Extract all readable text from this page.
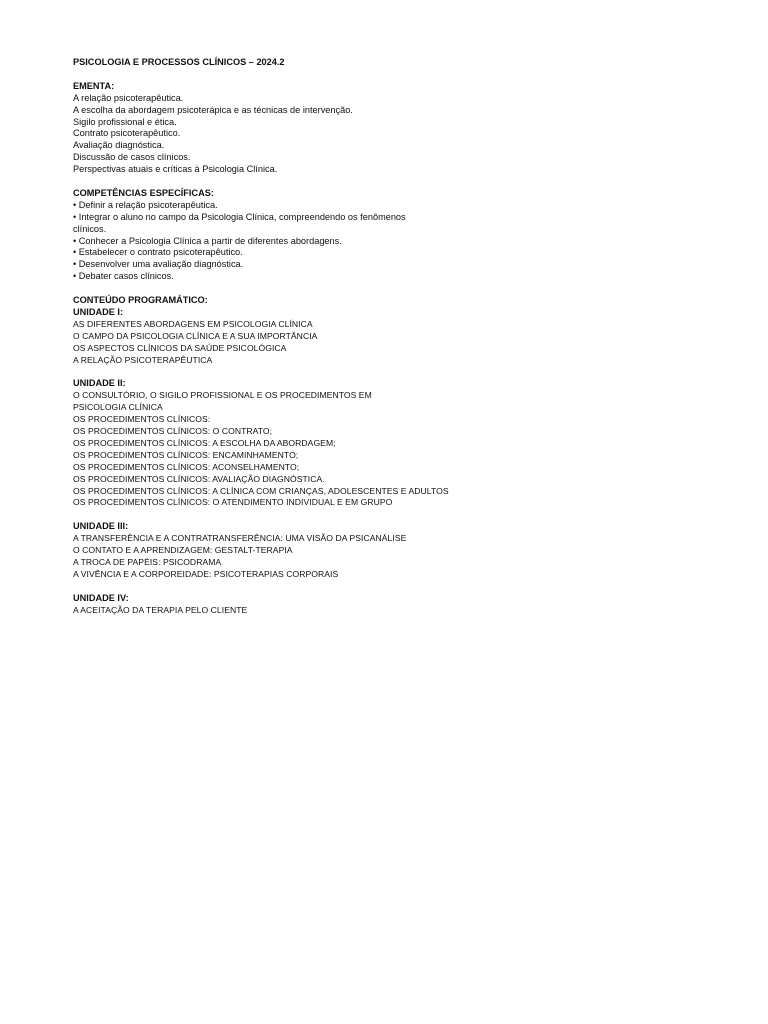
PSICOLOGIA E PROCESSOS CLÍNICOS – 2024.2
EMENTA:
A relação psicoterapêutica.
A escolha da abordagem psicoterápica e as técnicas de intervenção.
Sigilo profissional e ética.
Contrato psicoterapêutico.
Avaliação diagnóstica.
Discussão de casos clínicos.
Perspectivas atuais e críticas à Psicologia Clínica.
COMPETÊNCIAS ESPECÍFICAS:
• Definir a relação psicoterapêutica.
• Integrar o aluno no campo da Psicologia Clínica, compreendendo os fenômenos clínicos.
• Conhecer a Psicologia Clínica a partir de diferentes abordagens.
• Estabelecer o contrato psicoterapêutico.
• Desenvolver uma avaliação diagnóstica.
• Debater casos clínicos.
CONTEÚDO PROGRAMÁTICO:
UNIDADE I:
AS DIFERENTES ABORDAGENS EM PSICOLOGIA CLÍNICA
O CAMPO DA PSICOLOGIA CLÍNICA E A SUA IMPORTÂNCIA
OS ASPECTOS CLÍNICOS DA SAÚDE PSICOLÓGICA
A RELAÇÃO PSICOTERAPÊUTICA
UNIDADE II:
O CONSULTÓRIO, O SIGILO PROFISSIONAL E OS PROCEDIMENTOS EM PSICOLOGIA CLÍNICA
OS PROCEDIMENTOS CLÍNICOS:
OS PROCEDIMENTOS CLÍNICOS: O CONTRATO;
OS PROCEDIMENTOS CLÍNICOS: A ESCOLHA DA ABORDAGEM;
OS PROCEDIMENTOS CLÍNICOS: ENCAMINHAMENTO;
OS PROCEDIMENTOS CLÍNICOS: ACONSELHAMENTO;
OS PROCEDIMENTOS CLÍNICOS: AVALIAÇÃO DIAGNÓSTICA.
OS PROCEDIMENTOS CLÍNICOS: A CLÍNICA COM CRIANÇAS, ADOLESCENTES E ADULTOS
OS PROCEDIMENTOS CLÍNICOS: O ATENDIMENTO INDIVIDUAL E EM GRUPO
UNIDADE III:
A TRANSFERÊNCIA E A CONTRATRANSFERÊNCIA: UMA VISÃO DA PSICANÁLISE
O CONTATO E A APRENDIZAGEM: GESTALT-TERAPIA
A TROCA DE PAPÉIS: PSICODRAMA
A VIVÊNCIA E A CORPOREIDADE: PSICOTERAPIAS CORPORAIS
UNIDADE IV:
A ACEITAÇÃO DA TERAPIA PELO CLIENTE
